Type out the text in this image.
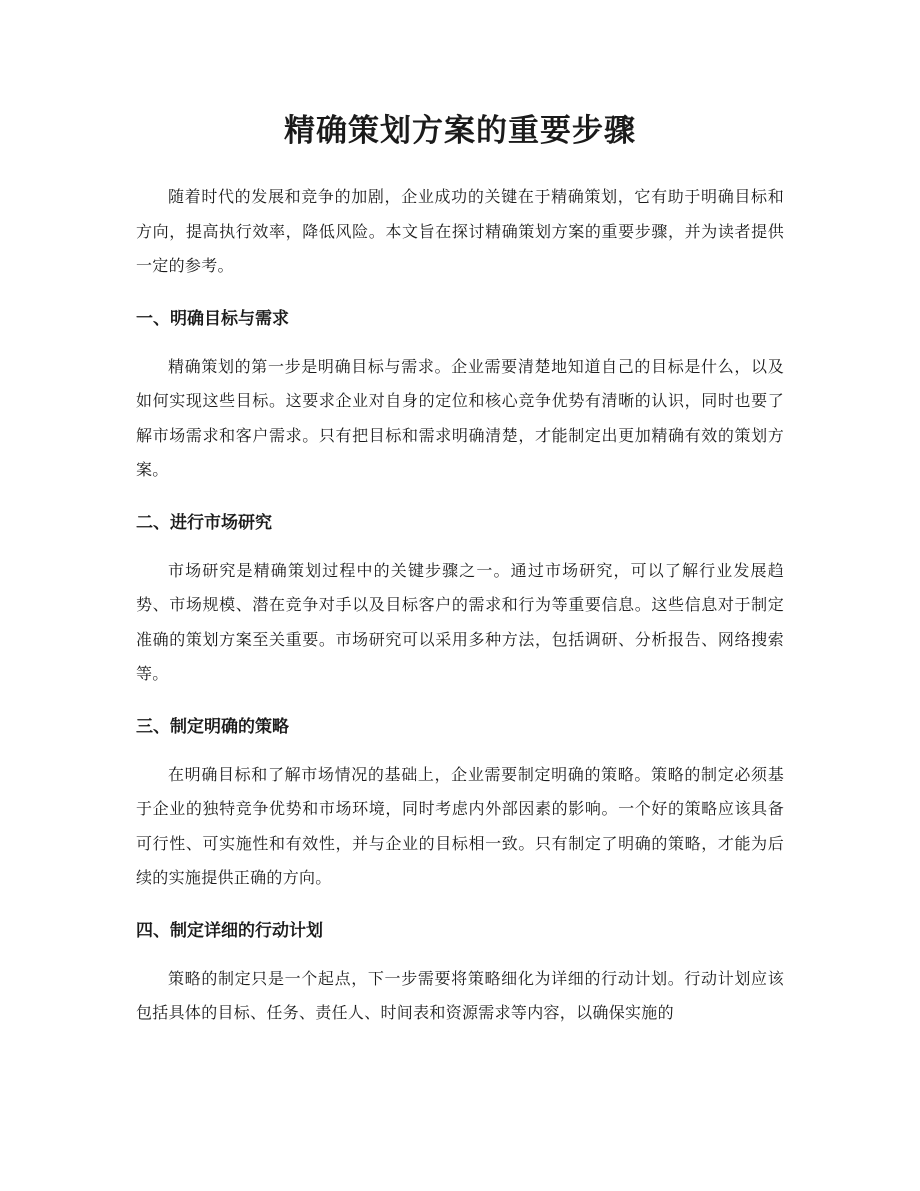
精确策划方案的重要步骤

随着时代的发展和竞争的加剧，企业成功的关键在于精确策划，它有助于明确目标和方向，提高执行效率，降低风险。本文旨在探讨精确策划方案的重要步骤，并为读者提供一定的参考。

一、明确目标与需求

精确策划的第一步是明确目标与需求。企业需要清楚地知道自己的目标是什么，以及如何实现这些目标。这要求企业对自身的定位和核心竞争优势有清晰的认识，同时也要了解市场需求和客户需求。只有把目标和需求明确清楚，才能制定出更加精确有效的策划方案。

二、进行市场研究

市场研究是精确策划过程中的关键步骤之一。通过市场研究，可以了解行业发展趋势、市场规模、潜在竞争对手以及目标客户的需求和行为等重要信息。这些信息对于制定准确的策划方案至关重要。市场研究可以采用多种方法，包括调研、分析报告、网络搜索等。

三、制定明确的策略

在明确目标和了解市场情况的基础上，企业需要制定明确的策略。策略的制定必须基于企业的独特竞争优势和市场环境，同时考虑内外部因素的影响。一个好的策略应该具备可行性、可实施性和有效性，并与企业的目标相一致。只有制定了明确的策略，才能为后续的实施提供正确的方向。

四、制定详细的行动计划

策略的制定只是一个起点，下一步需要将策略细化为详细的行动计划。行动计划应该包括具体的目标、任务、责任人、时间表和资源需求等内容，以确保实施的
